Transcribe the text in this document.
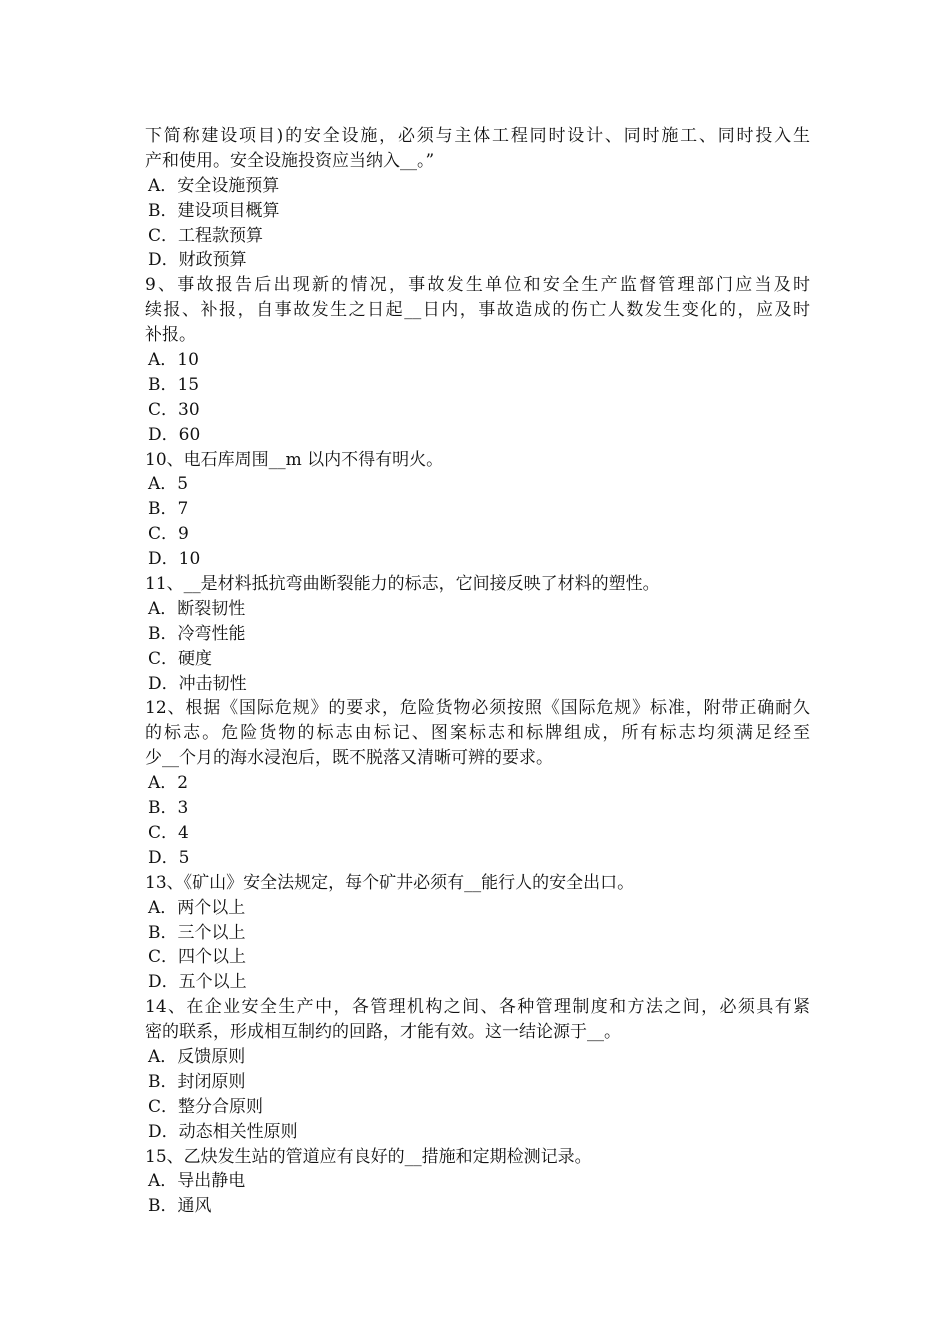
下简称建设项目)的安全设施，必须与主体工程同时设计、同时施工、同时投入生
产和使用。安全设施投资应当纳入__。”
A．安全设施预算
B．建设项目概算
C．工程款预算
D．财政预算
9、事故报告后出现新的情况，事故发生单位和安全生产监督管理部门应当及时
续报、补报，自事故发生之日起__日内，事故造成的伤亡人数发生变化的，应及时
补报。
A．10
B．15
C．30
D．60
10、电石库周围__m 以内不得有明火。
A．5
B．7
C．9
D．10
11、__是材料抵抗弯曲断裂能力的标志，它间接反映了材料的塑性。
A．断裂韧性
B．冷弯性能
C．硬度
D．冲击韧性
12、根据《国际危规》的要求，危险货物必须按照《国际危规》标准，附带正确耐久
的标志。危险货物的标志由标记、图案标志和标牌组成，所有标志均须满足经至
少__个月的海水浸泡后，既不脱落又清晰可辨的要求。
A．2
B．3
C．4
D．5
13、《矿山》安全法规定，每个矿井必须有__能行人的安全出口。
A．两个以上
B．三个以上
C．四个以上
D．五个以上
14、在企业安全生产中，各管理机构之间、各种管理制度和方法之间，必须具有紧
密的联系，形成相互制约的回路，才能有效。这一结论源于__。
A．反馈原则
B．封闭原则
C．整分合原则
D．动态相关性原则
15、乙炔发生站的管道应有良好的__措施和定期检测记录。
A．导出静电
B．通风
